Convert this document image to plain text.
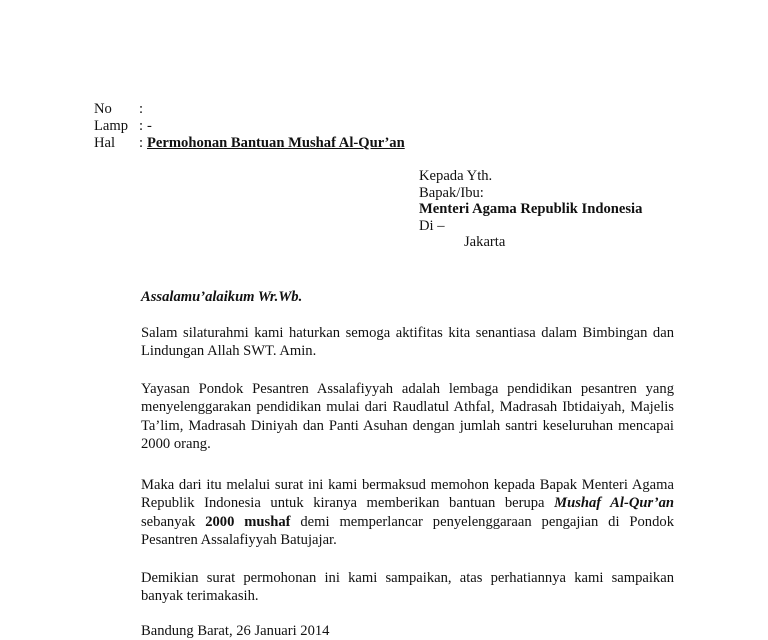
No :
Lamp : -
Hal : Permohonan Bantuan Mushaf Al-Qur’an
Kepada Yth.
Bapak/Ibu:
Menteri Agama Republik Indonesia
Di –
Jakarta

Assalamu’alaikum Wr.Wb.

Salam silaturahmi kami haturkan semoga aktifitas kita senantiasa dalam Bimbingan dan Lindungan Allah SWT. Amin.

Yayasan Pondok Pesantren Assalafiyyah adalah lembaga pendidikan pesantren yang menyelenggarakan pendidikan mulai dari Raudlatul Athfal, Madrasah Ibtidaiyah, Majelis Ta’lim, Madrasah Diniyah dan Panti Asuhan dengan jumlah santri keseluruhan mencapai 2000 orang.

Maka dari itu melalui surat ini kami bermaksud memohon kepada Bapak Menteri Agama Republik Indonesia untuk kiranya memberikan bantuan berupa Mushaf Al-Qur’an sebanyak 2000 mushaf demi memperlancar penyelenggaraan pengajian di Pondok Pesantren Assalafiyyah Batujajar.

Demikian surat permohonan ini kami sampaikan, atas perhatiannya kami sampaikan banyak terimakasih.

Bandung Barat, 26 Januari 2014
